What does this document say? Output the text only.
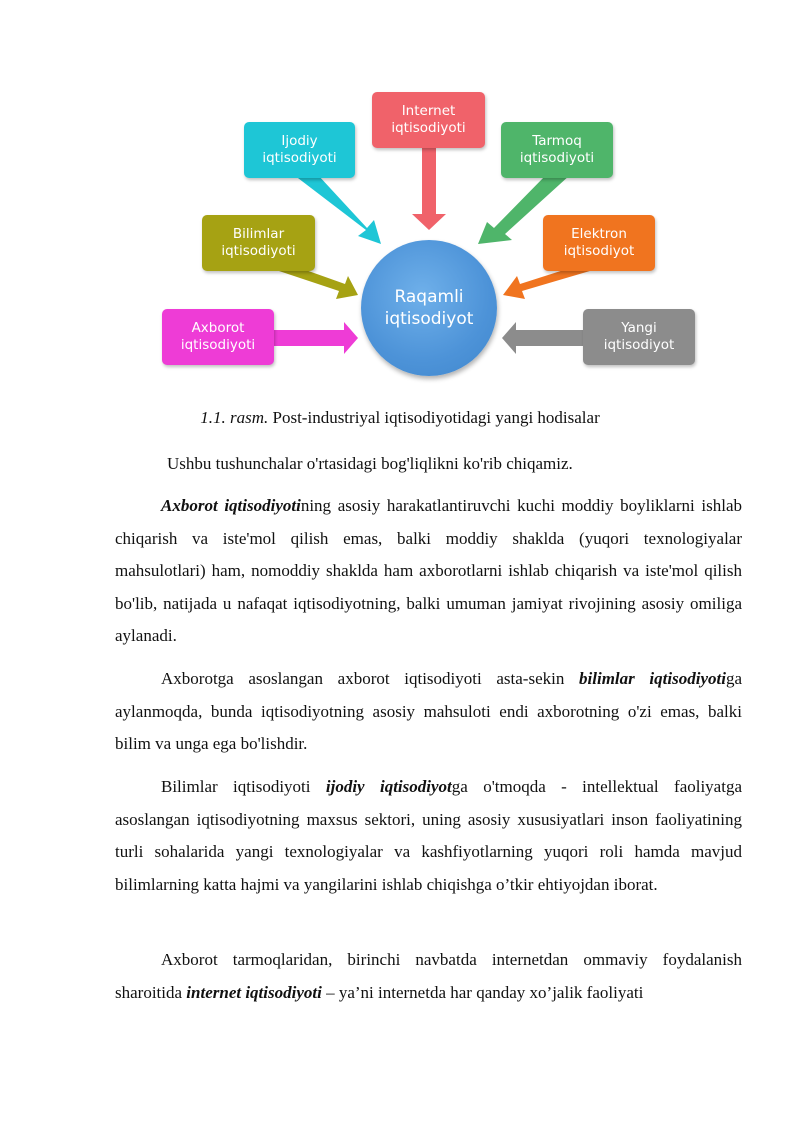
Internet
iqtisodiyoti
Ijodiy
iqtisodiyoti
Tarmoq
iqtisodiyoti
Bilimlar
iqtisodiyoti
Elektron
iqtisodiyot
Axborot
iqtisodiyoti
Yangi
iqtisodiyot
Raqamli
iqtisodiyot
1.1. rasm. Post-industriyal iqtisodiyotidagi yangi hodisalar
Ushbu tushunchalar o'rtasidagi bog'liqlikni ko'rib chiqamiz.
Axborot iqtisodiyotining asosiy harakatlantiruvchi kuchi moddiy boyliklarni ishlab chiqarish va iste'mol qilish emas, balki moddiy shaklda (yuqori texnologiyalar mahsulotlari) ham, nomoddiy shaklda ham axborotlarni ishlab chiqarish va iste'mol qilish bo'lib, natijada u nafaqat iqtisodiyotning, balki umuman jamiyat rivojining asosiy omiliga aylanadi.
Axborotga asoslangan axborot iqtisodiyoti asta-sekin bilimlar iqtisodiyotiga aylanmoqda, bunda iqtisodiyotning asosiy mahsuloti endi axborotning o'zi emas, balki bilim va unga ega bo'lishdir.
Bilimlar iqtisodiyoti ijodiy iqtisodiyotga o'tmoqda - intellektual faoliyatga asoslangan iqtisodiyotning maxsus sektori, uning asosiy xususiyatlari inson faoliyatining turli sohalarida yangi texnologiyalar va kashfiyotlarning yuqori roli hamda mavjud bilimlarning katta hajmi va yangilarini ishlab chiqishga o’tkir ehtiyojdan iborat.
Axborot tarmoqlaridan, birinchi navbatda internetdan ommaviy foydalanish sharoitida internet iqtisodiyoti – ya’ni internetda har qanday xo’jalik faoliyati
